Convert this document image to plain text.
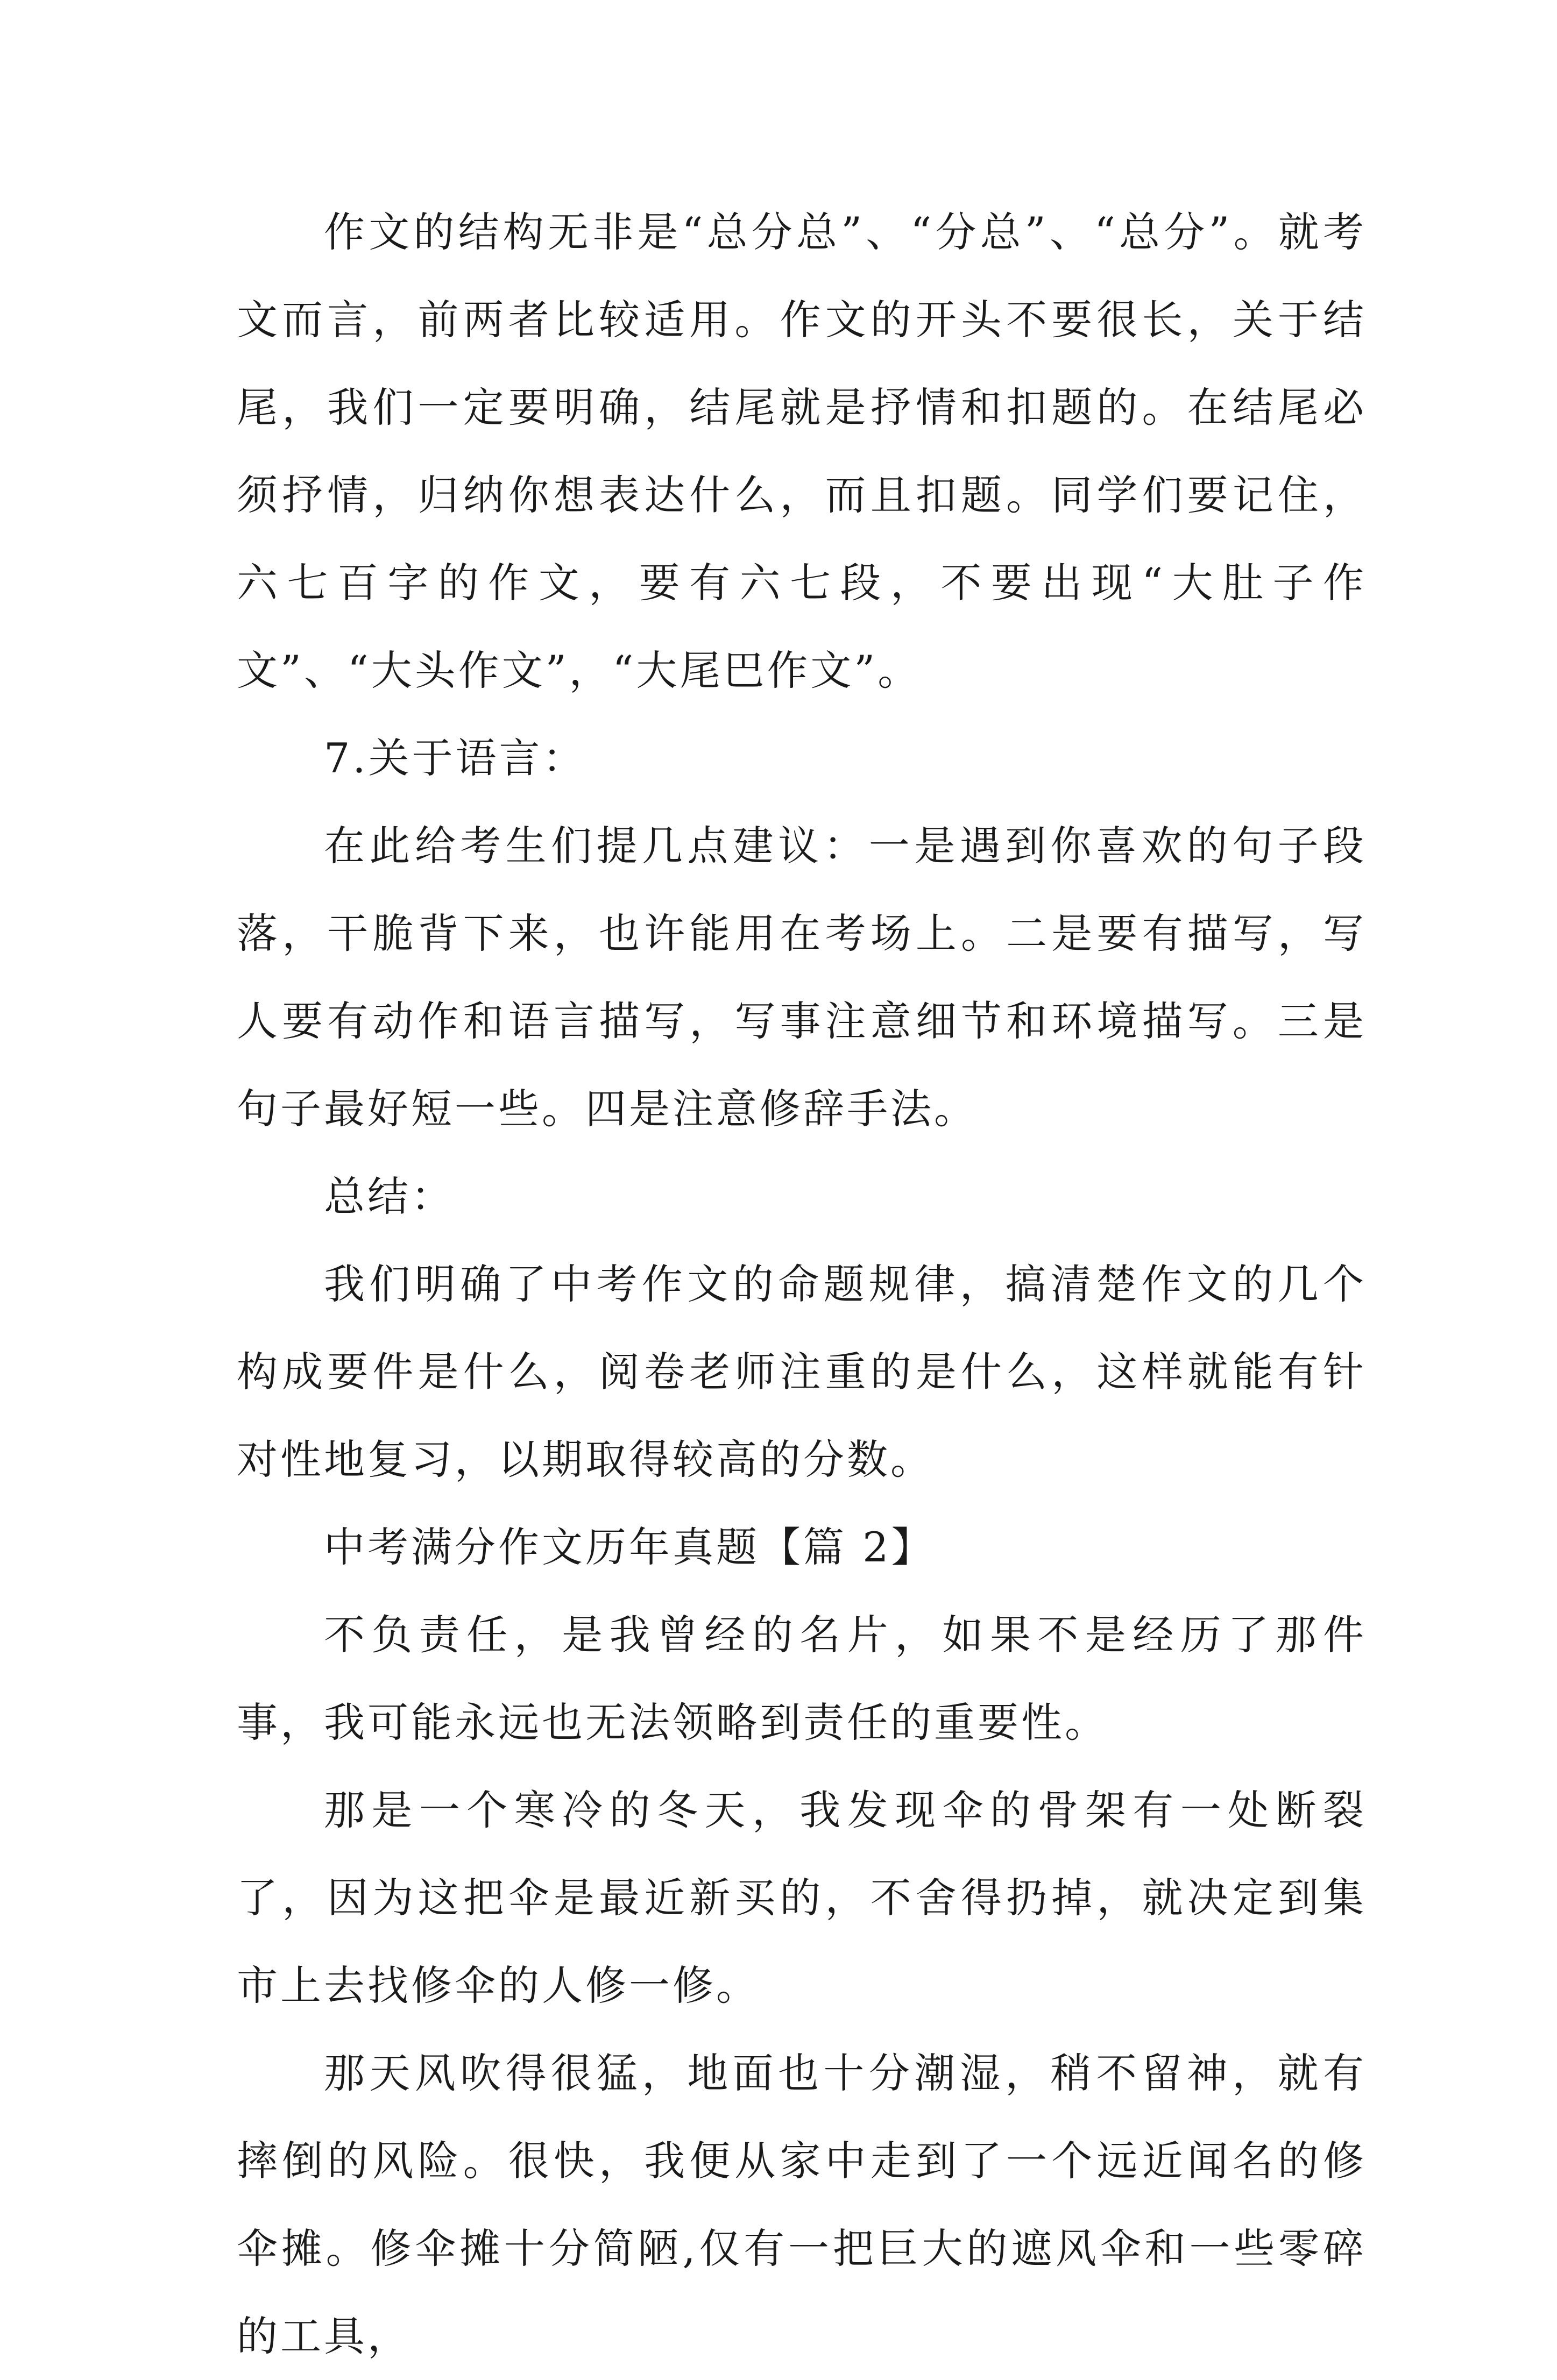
作文的结构无非是“总分总”、“分总”、“总分”。就考文而言，前两者比较适用。作文的开头不要很长，关于结尾，我们一定要明确，结尾就是抒情和扣题的。在结尾必须抒情，归纳你想表达什么，而且扣题。同学们要记住，六七百字的作文，要有六七段，不要出现“大肚子作文”、“大头作文”，“大尾巴作文”。

7.关于语言：

在此给考生们提几点建议：一是遇到你喜欢的句子段落，干脆背下来，也许能用在考场上。二是要有描写，写人要有动作和语言描写，写事注意细节和环境描写。三是句子最好短一些。四是注意修辞手法。

总结：

我们明确了中考作文的命题规律，搞清楚作文的几个构成要件是什么，阅卷老师注重的是什么，这样就能有针对性地复习，以期取得较高的分数。

中考满分作文历年真题【篇 2】

不负责任，是我曾经的名片，如果不是经历了那件事，我可能永远也无法领略到责任的重要性。

那是一个寒冷的冬天，我发现伞的骨架有一处断裂了，因为这把伞是最近新买的，不舍得扔掉，就决定到集市上去找修伞的人修一修。

那天风吹得很猛，地面也十分潮湿，稍不留神，就有摔倒的风险。很快，我便从家中走到了一个远近闻名的修伞摊。修伞摊十分简陋,仅有一把巨大的遮风伞和一些零碎的工具，
